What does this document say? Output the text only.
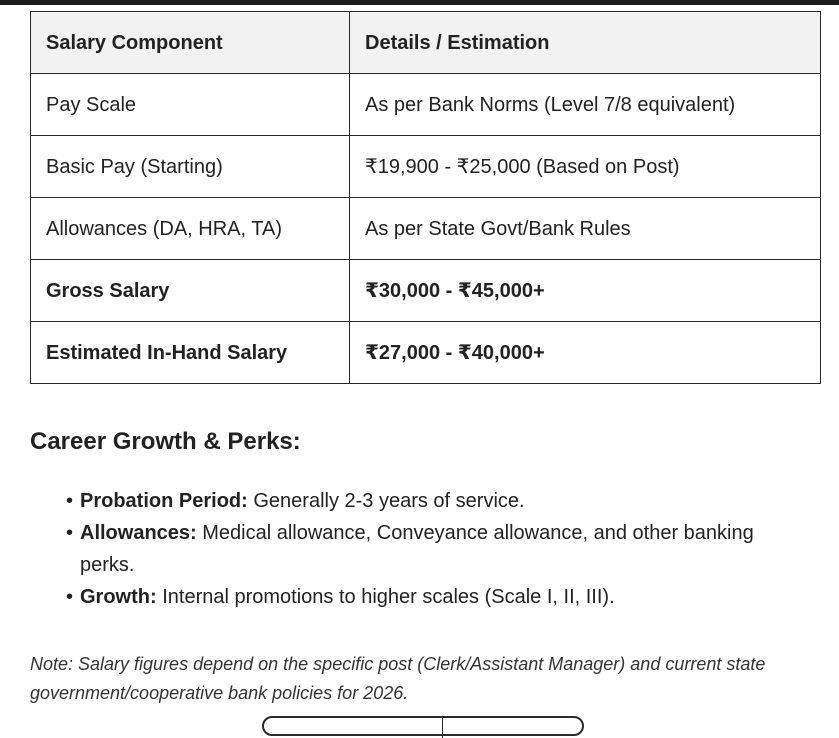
Salary Component	Details / Estimation
Pay Scale	As per Bank Norms (Level 7/8 equivalent)
Basic Pay (Starting)	₹19,900 - ₹25,000 (Based on Post)
Allowances (DA, HRA, TA)	As per State Govt/Bank Rules
Gross Salary	₹30,000 - ₹45,000+
Estimated In-Hand Salary	₹27,000 - ₹40,000+
Career Growth & Perks:
• Probation Period: Generally 2-3 years of service.
• Allowances: Medical allowance, Conveyance allowance, and other banking perks.
• Growth: Internal promotions to higher scales (Scale I, II, III).

Note: Salary figures depend on the specific post (Clerk/Assistant Manager) and current state government/cooperative bank policies for 2026.
